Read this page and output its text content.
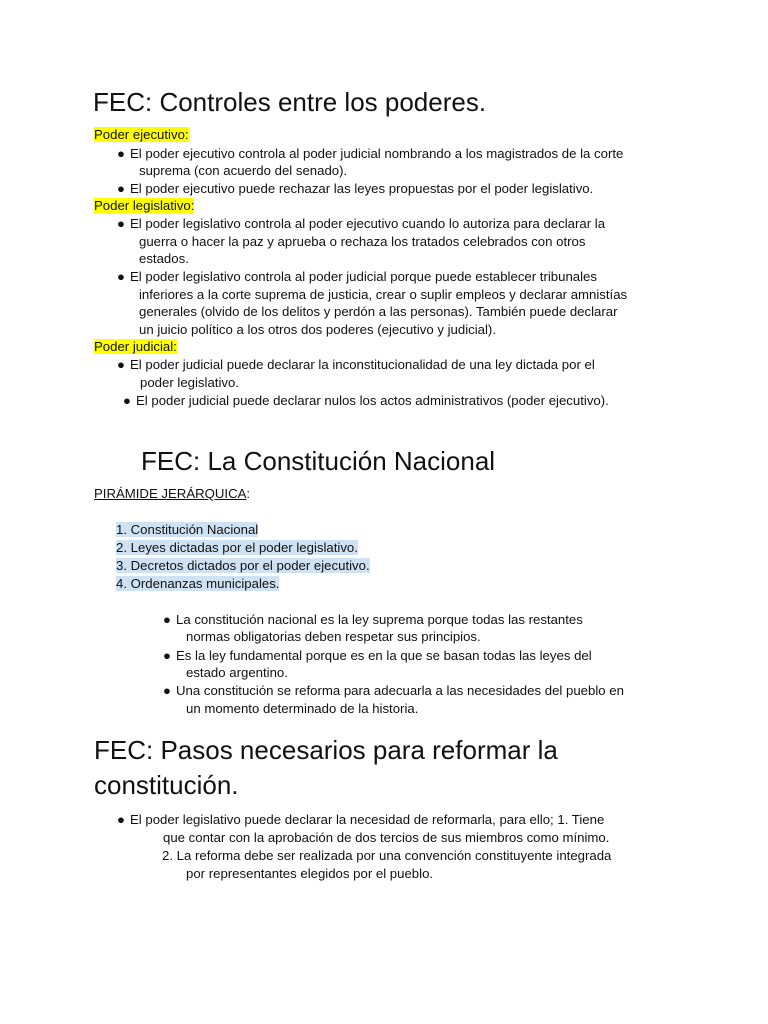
FEC: Controles entre los poderes.
Poder ejecutivo:
● El poder ejecutivo controla al poder judicial nombrando a los magistrados de la corte
suprema (con acuerdo del senado).
● El poder ejecutivo puede rechazar las leyes propuestas por el poder legislativo.
Poder legislativo:
● El poder legislativo controla al poder ejecutivo cuando lo autoriza para declarar la
guerra o hacer la paz y aprueba o rechaza los tratados celebrados con otros
estados.
● El poder legislativo controla al poder judicial porque puede establecer tribunales
inferiores a la corte suprema de justicia, crear o suplir empleos y declarar amnistías
generales (olvido de los delitos y perdón a las personas). También puede declarar
un juicio político a los otros dos poderes (ejecutivo y judicial).
Poder judicial:
● El poder judicial puede declarar la inconstitucionalidad de una ley dictada por el
poder legislativo.
● El poder judicial puede declarar nulos los actos administrativos (poder ejecutivo).
FEC: La Constitución Nacional
PIRÁMIDE JERÁRQUICA:
1. Constitución Nacional
2. Leyes dictadas por el poder legislativo.
3. Decretos dictados por el poder ejecutivo.
4. Ordenanzas municipales.
● La constitución nacional es la ley suprema porque todas las restantes
normas obligatorias deben respetar sus principios.
● Es la ley fundamental porque es en la que se basan todas las leyes del
estado argentino.
● Una constitución se reforma para adecuarla a las necesidades del pueblo en
un momento determinado de la historia.
FEC: Pasos necesarios para reformar la
constitución.
● El poder legislativo puede declarar la necesidad de reformarla, para ello; 1. Tiene
que contar con la aprobación de dos tercios de sus miembros como mínimo.
2. La reforma debe ser realizada por una convención constituyente integrada
por representantes elegidos por el pueblo.
